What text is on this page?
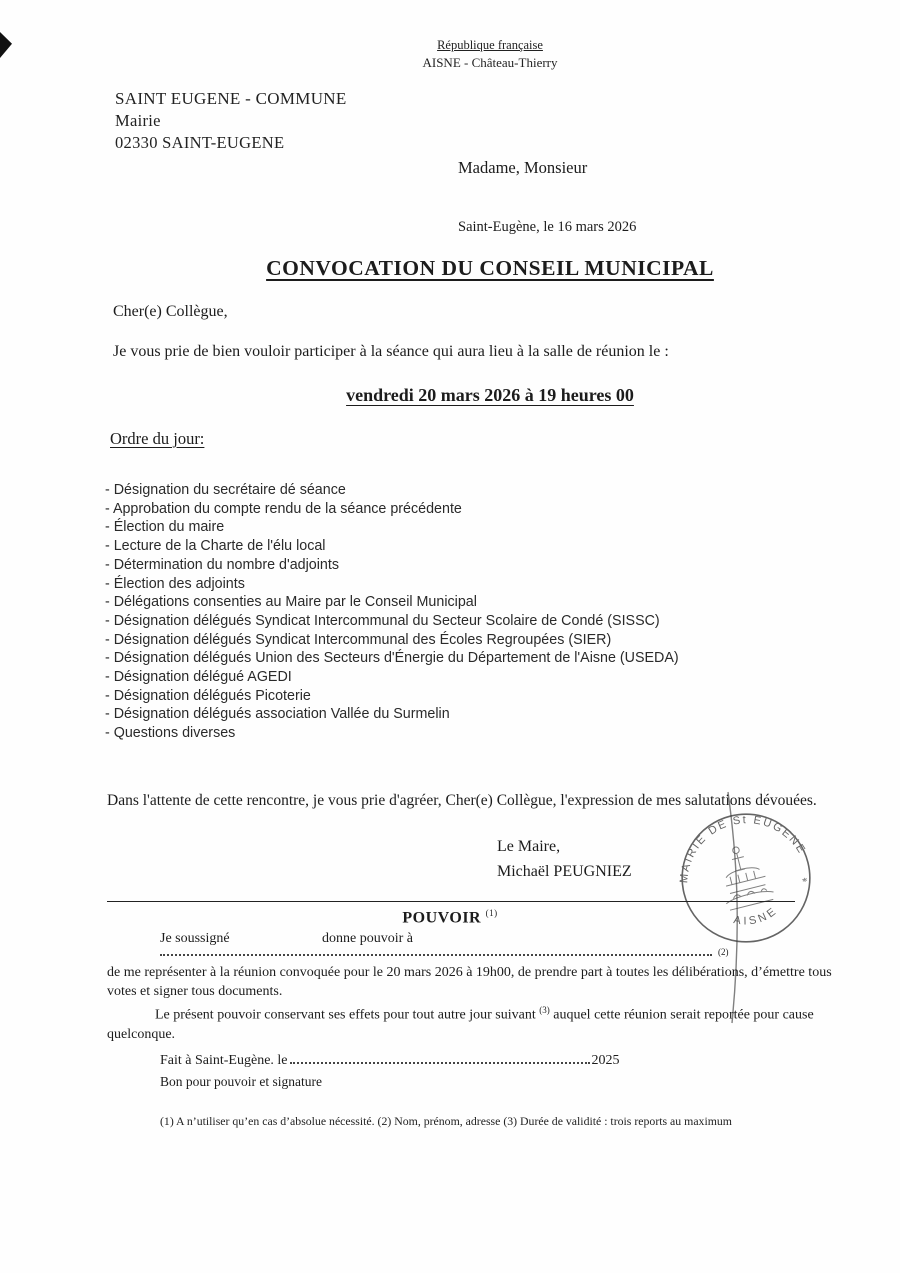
République française
AISNE - Château-Thierry
SAINT EUGENE - COMMUNE
Mairie
02330 SAINT-EUGENE
Madame, Monsieur
Saint-Eugène, le 16 mars 2026
CONVOCATION DU CONSEIL MUNICIPAL
Cher(e) Collègue,
Je vous prie de bien vouloir participer à la séance qui aura lieu à la salle de réunion le :
vendredi 20 mars 2026 à 19 heures 00
Ordre du jour:
- Désignation du secrétaire dé séance
- Approbation du compte rendu de la séance précédente
- Élection du maire
- Lecture de la Charte de l'élu local
- Détermination du nombre d'adjoints
- Élection des adjoints
- Délégations consenties au Maire par le Conseil Municipal
- Désignation délégués Syndicat Intercommunal du Secteur Scolaire de Condé (SISSC)
- Désignation délégués Syndicat Intercommunal des Écoles Regroupées (SIER)
- Désignation délégués Union des Secteurs d'Énergie du Département de l'Aisne (USEDA)
- Désignation délégué AGEDI
- Désignation délégués Picoterie
- Désignation délégués association Vallée du Surmelin
- Questions diverses
Dans l'attente de cette rencontre, je vous prie d'agréer, Cher(e) Collègue, l'expression de mes salutations dévouées.
Le Maire,
Michaël PEUGNIEZ	MAIRIE DE St EUGENE
AISNE
*
POUVOIR $^{(1)}$
Je soussigné	donne pouvoir à
(2)
de me représenter à la réunion convoquée pour le 20 mars 2026 à 19h00, de prendre part à toutes les délibérations, d’émettre tous votes et signer tous documents.
Le présent pouvoir conservant ses effets pour tout autre jour suivant $^{(3)}$ auquel cette réunion serait reportée pour cause quelconque.
Fait à Saint-Eugène. le	2025
Bon pour pouvoir et signature
(1) A n’utiliser qu’en cas d’absolue nécessité. (2) Nom, prénom, adresse (3) Durée de validité : trois reports au maximum
